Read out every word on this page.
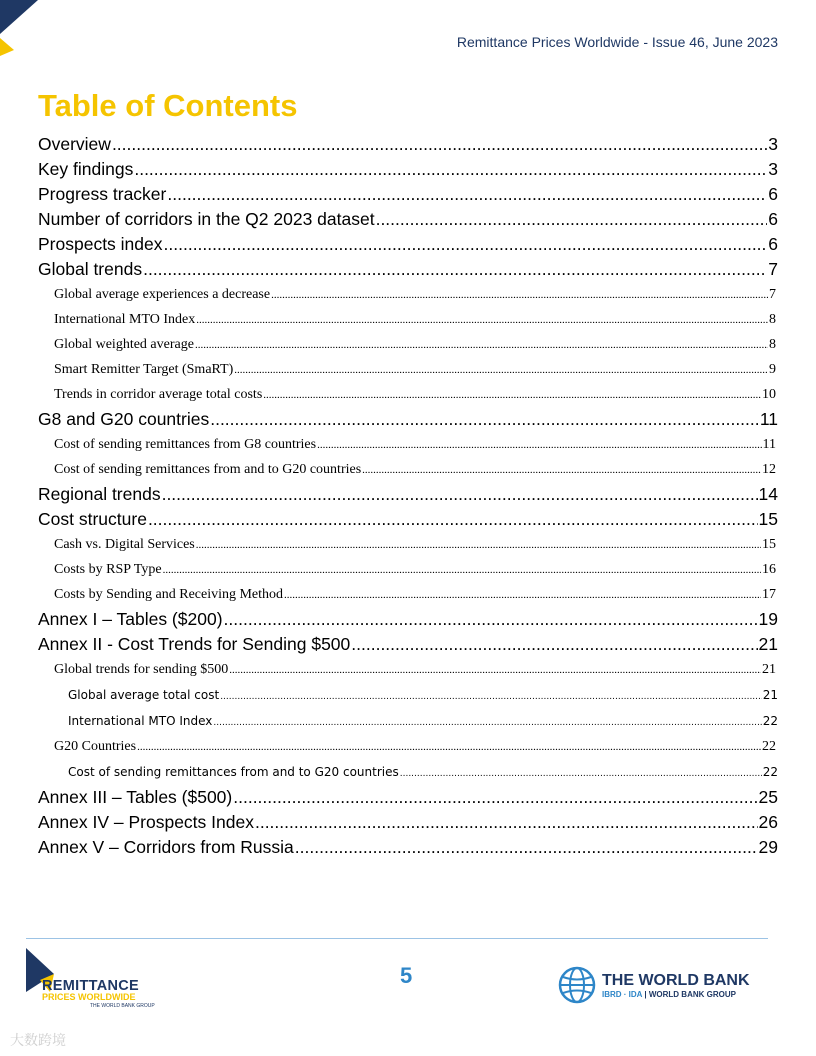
Remittance Prices Worldwide - Issue 46, June 2023
Table of Contents
Overview .....	3
Key findings .....	3
Progress tracker .....	6
Number of corridors in the Q2 2023 dataset .....	6
Prospects index .....	6
Global trends .....	7
Global average experiences a decrease .....	7
International MTO Index .....	8
Global weighted average .....	8
Smart Remitter Target (SmaRT) .....	9
Trends in corridor average total costs .....	10
G8 and G20 countries .....	11
Cost of sending remittances from G8 countries .....	11
Cost of sending remittances from and to G20 countries .....	12
Regional trends .....	14
Cost structure .....	15
Cash vs. Digital Services .....	15
Costs by RSP Type .....	16
Costs by Sending and Receiving Method .....	17
Annex I – Tables ($200) .....	19
Annex II - Cost Trends for Sending $500 .....	21
Global trends for sending $500 .....	21
Global average total cost .....	21
International MTO Index .....	22
G20 Countries .....	22
Cost of sending remittances from and to G20 countries .....	22
Annex III – Tables ($500) .....	25
Annex IV – Prospects Index .....	26
Annex V – Corridors from Russia .....	29
REMITTANCE
PRICES WORLDWIDE
THE WORLD BANK GROUP
5	THE WORLD BANK
IBRD · IDA | WORLD BANK GROUP
大数跨境
